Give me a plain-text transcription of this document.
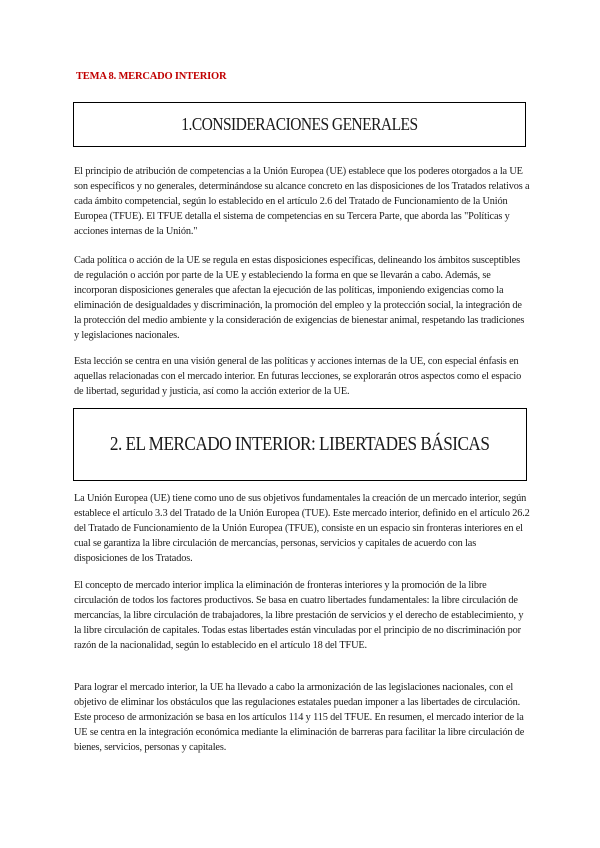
TEMA 8. MERCADO INTERIOR
1.CONSIDERACIONES GENERALES

El principio de atribución de competencias a la Unión Europea (UE) establece que los poderes otorgados a la UE son específicos y no generales, determinándose su alcance concreto en las disposiciones de los Tratados relativos a cada ámbito competencial, según lo establecido en el artículo 2.6 del Tratado de Funcionamiento de la Unión Europea (TFUE). El TFUE detalla el sistema de competencias en su Tercera Parte, que aborda las "Políticas y acciones internas de la Unión."

Cada política o acción de la UE se regula en estas disposiciones específicas, delineando los ámbitos susceptibles de regulación o acción por parte de la UE y estableciendo la forma en que se llevarán a cabo. Además, se incorporan disposiciones generales que afectan la ejecución de las políticas, imponiendo exigencias como la eliminación de desigualdades y discriminación, la promoción del empleo y la protección social, la integración de la protección del medio ambiente y la consideración de exigencias de bienestar animal, respetando las tradiciones y legislaciones nacionales.

Esta lección se centra en una visión general de las políticas y acciones internas de la UE, con especial énfasis en aquellas relacionadas con el mercado interior. En futuras lecciones, se explorarán otros aspectos como el espacio de libertad, seguridad y justicia, así como la acción exterior de la UE.

2. EL MERCADO INTERIOR: LIBERTADES BÁSICAS

La Unión Europea (UE) tiene como uno de sus objetivos fundamentales la creación de un mercado interior, según establece el artículo 3.3 del Tratado de la Unión Europea (TUE). Este mercado interior, definido en el artículo 26.2 del Tratado de Funcionamiento de la Unión Europea (TFUE), consiste en un espacio sin fronteras interiores en el cual se garantiza la libre circulación de mercancías, personas, servicios y capitales de acuerdo con las disposiciones de los Tratados.

El concepto de mercado interior implica la eliminación de fronteras interiores y la promoción de la libre circulación de todos los factores productivos. Se basa en cuatro libertades fundamentales: la libre circulación de mercancías, la libre circulación de trabajadores, la libre prestación de servicios y el derecho de establecimiento, y la libre circulación de capitales. Todas estas libertades están vinculadas por el principio de no discriminación por razón de la nacionalidad, según lo establecido en el artículo 18 del TFUE.

Para lograr el mercado interior, la UE ha llevado a cabo la armonización de las legislaciones nacionales, con el objetivo de eliminar los obstáculos que las regulaciones estatales puedan imponer a las libertades de circulación. Este proceso de armonización se basa en los artículos 114 y 115 del TFUE. En resumen, el mercado interior de la UE se centra en la integración económica mediante la eliminación de barreras para facilitar la libre circulación de bienes, servicios, personas y capitales.
